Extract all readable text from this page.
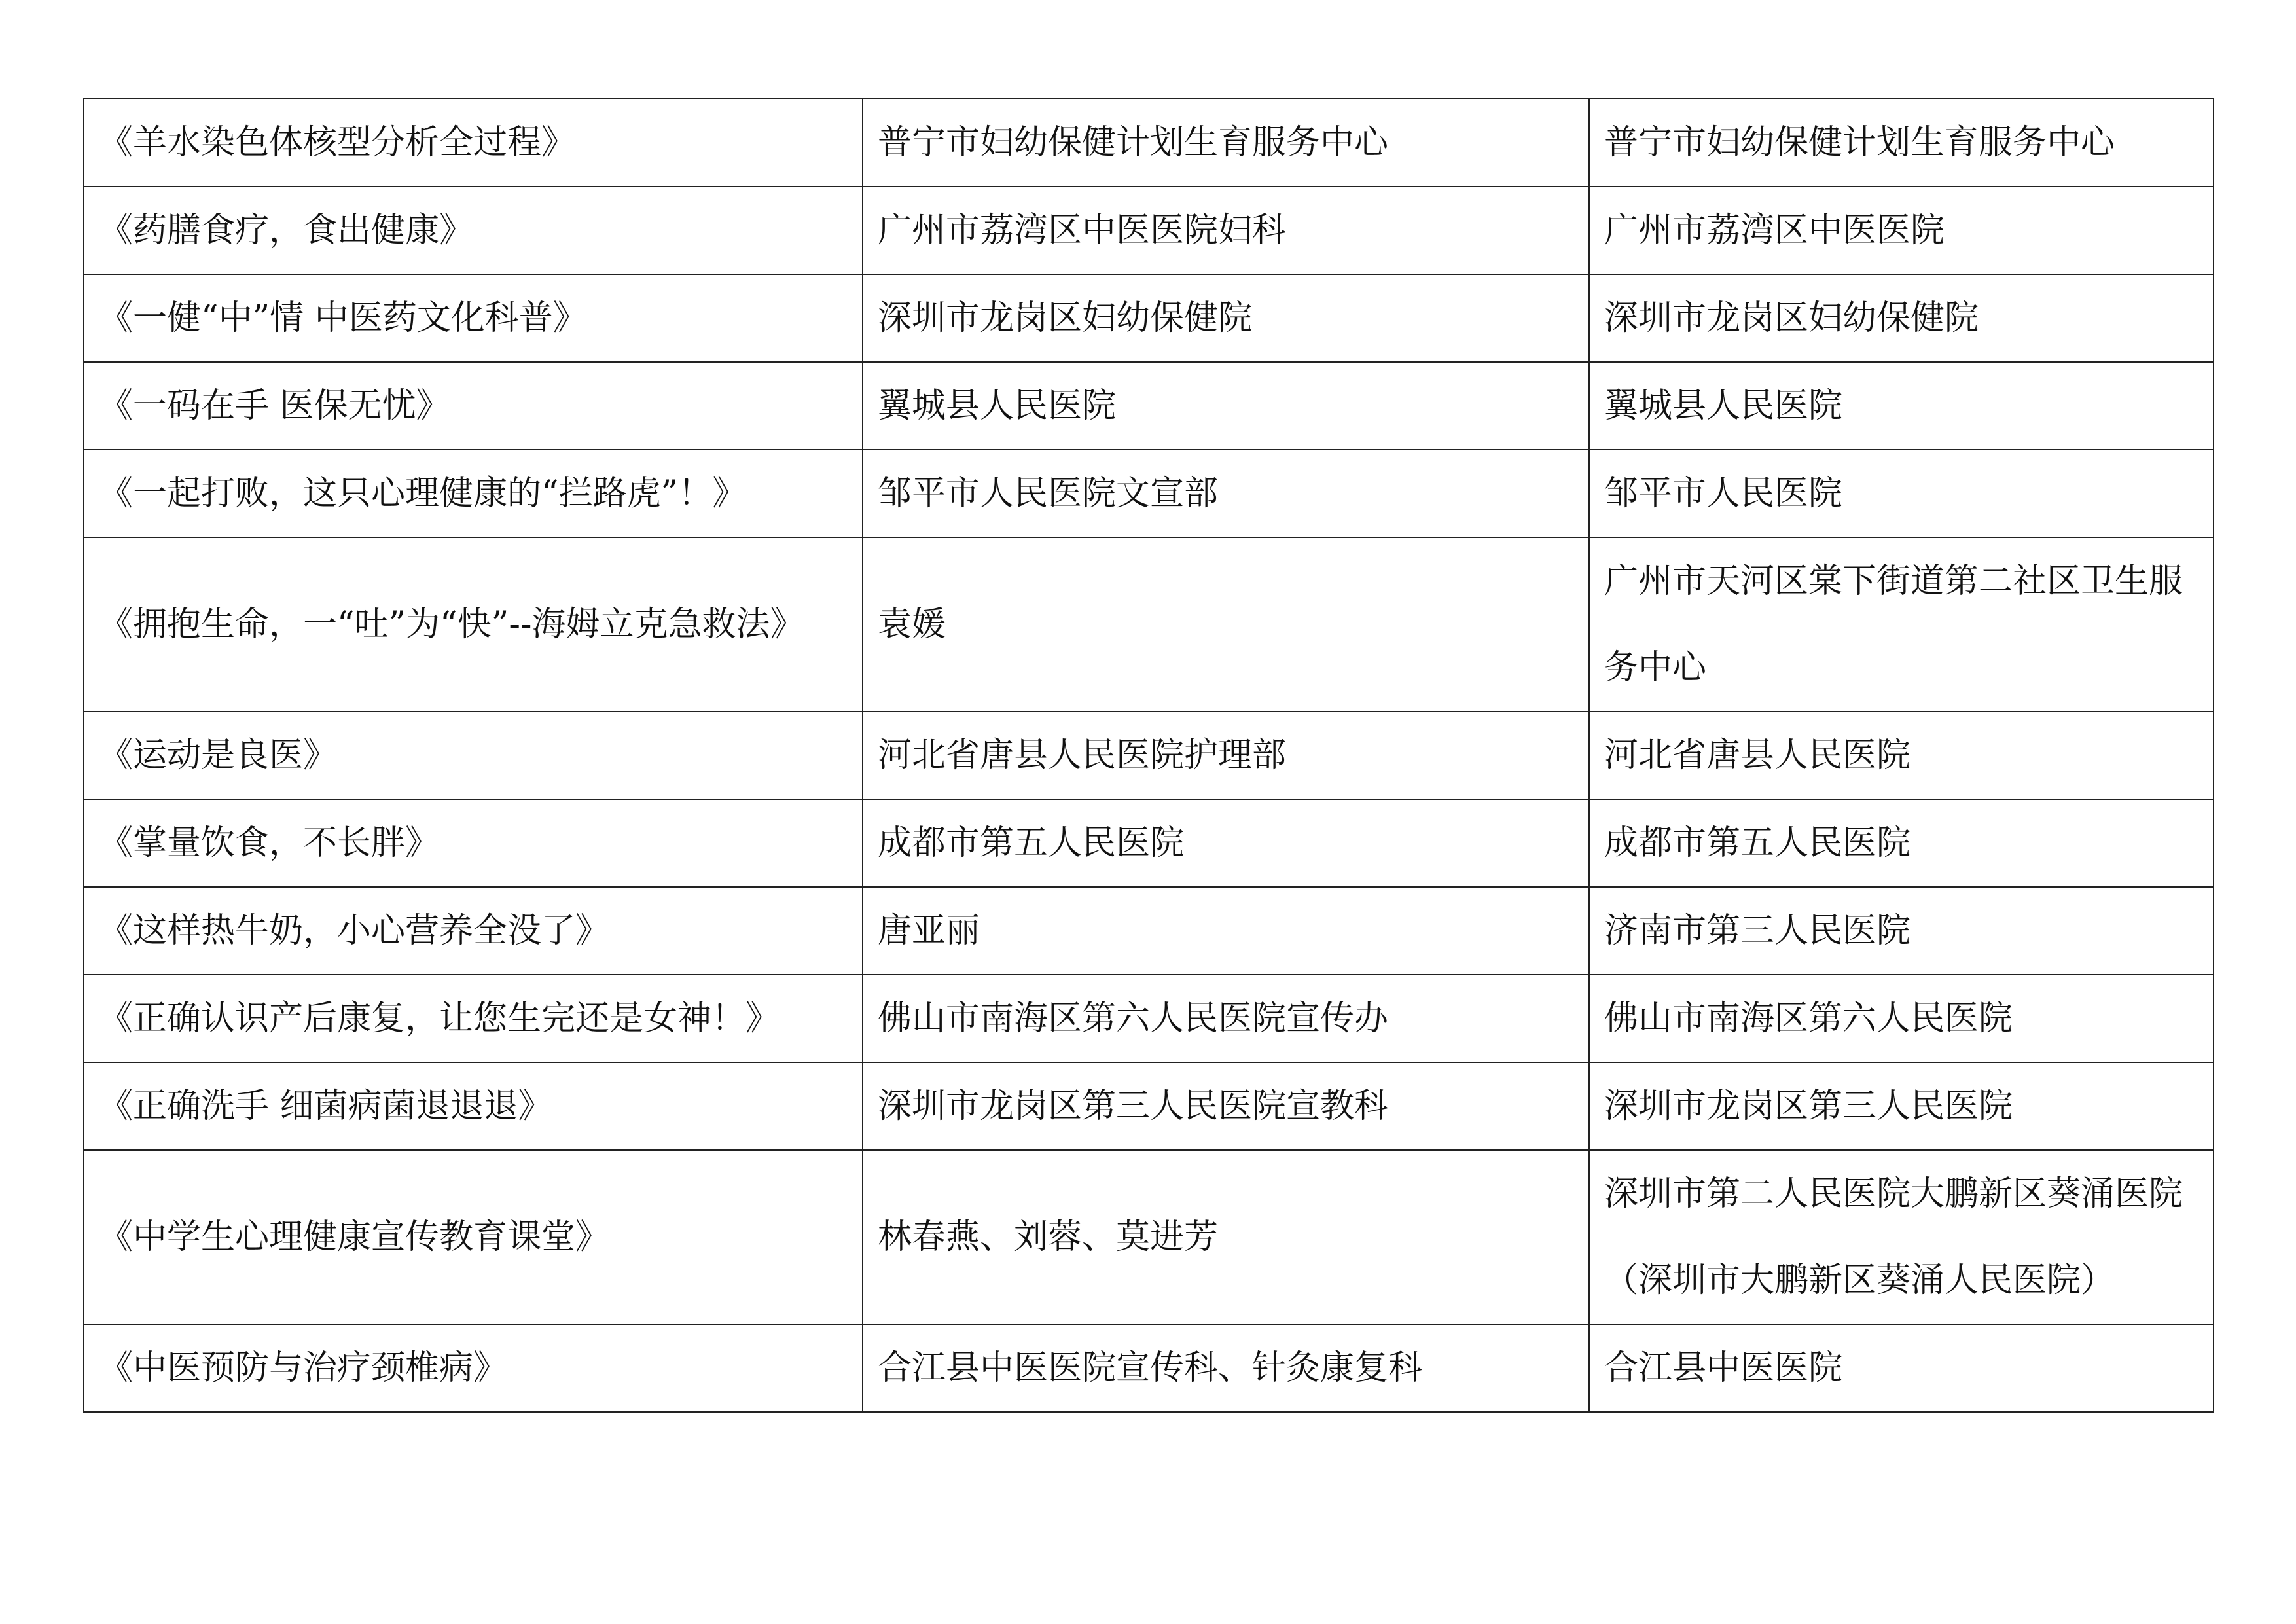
《羊水染色体核型分析全过程》	普宁市妇幼保健计划生育服务中心	普宁市妇幼保健计划生育服务中心
《药膳食疗，食出健康》	广州市荔湾区中医医院妇科	广州市荔湾区中医医院
《一健“中”情 中医药文化科普》	深圳市龙岗区妇幼保健院	深圳市龙岗区妇幼保健院
《一码在手 医保无忧》	翼城县人民医院	翼城县人民医院
《一起打败，这只心理健康的“拦路虎”！》	邹平市人民医院文宣部	邹平市人民医院
《拥抱生命，一“吐”为“快”--海姆立克急救法》	袁媛	广州市天河区棠下街道第二社区卫生服务中心
《运动是良医》	河北省唐县人民医院护理部	河北省唐县人民医院
《掌量饮食，不长胖》	成都市第五人民医院	成都市第五人民医院
《这样热牛奶，小心营养全没了》	唐亚丽	济南市第三人民医院
《正确认识产后康复，让您生完还是女神！》	佛山市南海区第六人民医院宣传办	佛山市南海区第六人民医院
《正确洗手 细菌病菌退退退》	深圳市龙岗区第三人民医院宣教科	深圳市龙岗区第三人民医院
《中学生心理健康宣传教育课堂》	林春燕、刘蓉、莫进芳	深圳市第二人民医院大鹏新区葵涌医院（深圳市大鹏新区葵涌人民医院）
《中医预防与治疗颈椎病》	合江县中医医院宣传科、针灸康复科	合江县中医医院
